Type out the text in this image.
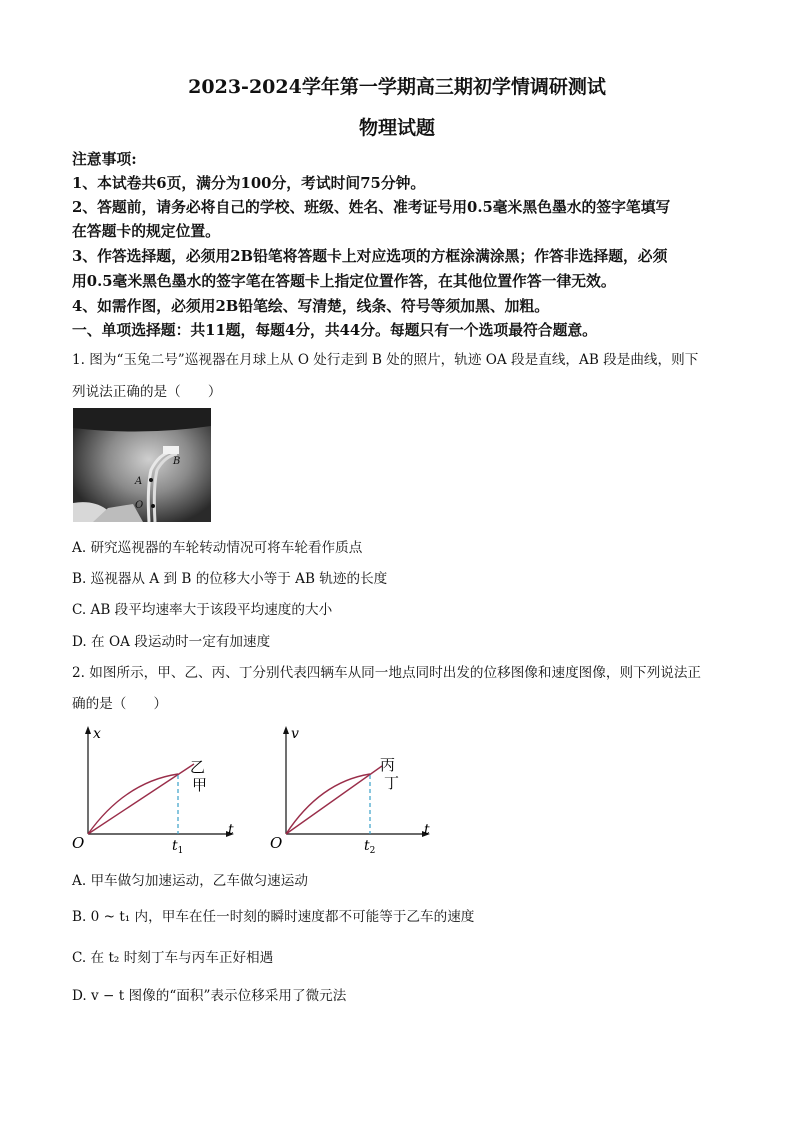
2023-2024学年第一学期高三期初学情调研测试
物理试题
注意事项:
1、本试卷共6页，满分为100分，考试时间75分钟。
2、答题前，请务必将自己的学校、班级、姓名、准考证号用0.5毫米黑色墨水的签字笔填写
在答题卡的规定位置。
3、作答选择题，必须用2B铅笔将答题卡上对应选项的方框涂满涂黑；作答非选择题，必须
用0.5毫米黑色墨水的签字笔在答题卡上指定位置作答，在其他位置作答一律无效。
4、如需作图，必须用2B铅笔绘、写清楚，线条、符号等须加黑、加粗。
一、单项选择题：共11题，每题4分，共44分。每题只有一个选项最符合题意。
1. 图为“玉兔二号”巡视器在月球上从 O 处行走到 B 处的照片，轨迹 OA 段是直线，AB 段是曲线，则下
列说法正确的是（　　）
B
A
O
A. 研究巡视器的车轮转动情况可将车轮看作质点
B. 巡视器从 A 到 B 的位移大小等于 AB 轨迹的长度
C. AB 段平均速率大于该段平均速度的大小
D. 在 OA 段运动时一定有加速度
2. 如图所示，甲、乙、丙、丁分别代表四辆车从同一地点同时出发的位移图像和速度图像，则下列说法正
确的是（　　）
x
t
O	$t_1$
乙
甲
v
t
O	$t_2$
丙
丁
A. 甲车做匀加速运动，乙车做匀速运动
B. 0 ~ t₁ 内，甲车在任一时刻的瞬时速度都不可能等于乙车的速度
C. 在 t₂ 时刻丁车与丙车正好相遇
D. v − t 图像的“面积”表示位移采用了微元法
